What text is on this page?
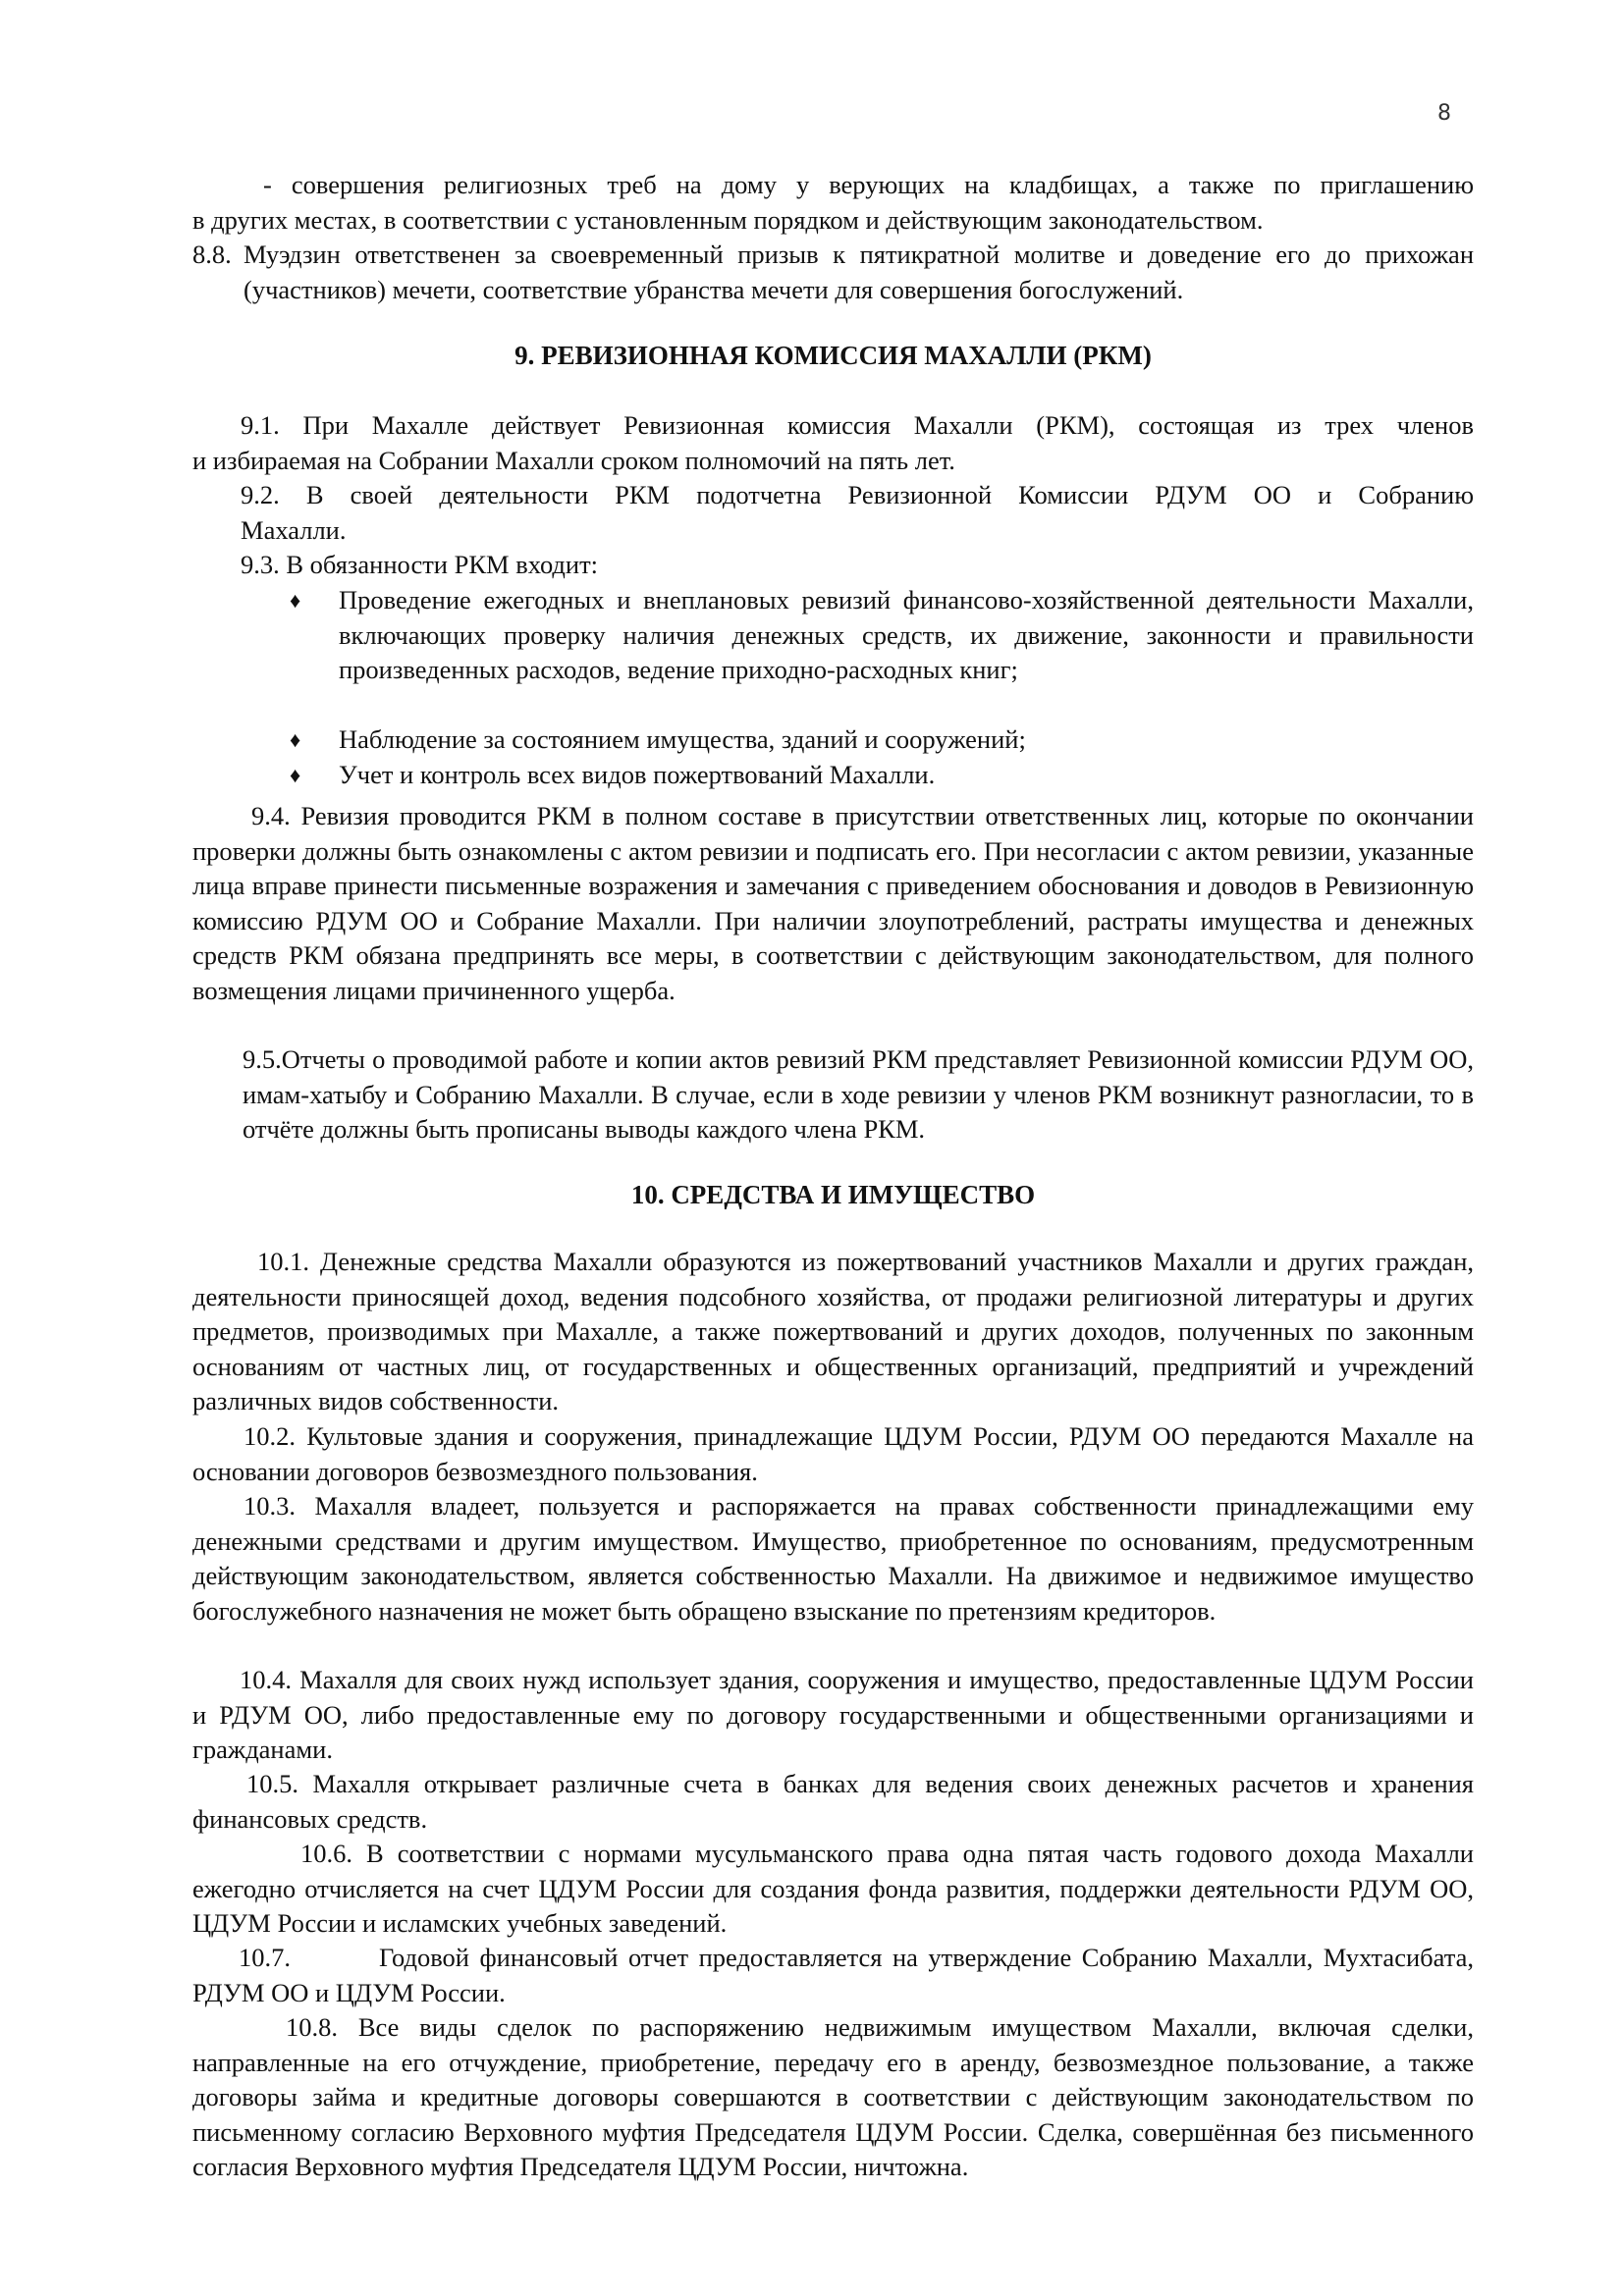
8

- совершения религиозных треб на дому у верующих на кладбищах, а также по приглашению

в других местах, в соответствии с установленным порядком и действующим законодательством.

8.8. Муэдзин ответственен за своевременный призыв к пятикратной молитве и доведение его до прихожан (участников) мечети, соответствие убранства мечети для совершения богослужений.

9. РЕВИЗИОННАЯ КОМИССИЯ МАХАЛЛИ (РКМ)

9.1. При Махалле действует Ревизионная комиссия Махалли (РКМ), состоящая из трех членов

и избираемая на Собрании Махалли сроком полномочий на пять лет.

9.2. В своей деятельности РКМ подотчетна Ревизионной Комиссии РДУМ ОО и Собранию

Махалли.

9.3. В обязанности РКМ входит:

♦ Проведение ежегодных и внеплановых ревизий финансово-хозяйственной деятельности Махалли, включающих проверку наличия денежных средств, их движение, законности и правильности произведенных расходов, ведение приходно-расходных книг;
♦ Наблюдение за состоянием имущества, зданий и сооружений;
♦ Учет и контроль всех видов пожертвований Махалли.

9.4. Ревизия проводится РКМ в полном составе в присутствии ответственных лиц, которые по окончании проверки должны быть ознакомлены с актом ревизии и подписать его. При несогласии с актом ревизии, указанные лица вправе принести письменные возражения и замечания с приведением обоснования и доводов в Ревизионную комиссию РДУМ ОО и Собрание Махалли. При наличии злоупотреблений, растраты имущества и денежных средств РКМ обязана предпринять все меры, в соответствии с действующим законодательством, для полного возмещения лицами причиненного ущерба.

9.5.Отчеты о проводимой работе и копии актов ревизий РКМ представляет Ревизионной комиссии РДУМ ОО, имам-хатыбу и Собранию Махалли. В случае, если в ходе ревизии у членов РКМ возникнут разногласии, то в отчёте должны быть прописаны выводы каждого члена РКМ.

10. СРЕДСТВА И ИМУЩЕСТВО

10.1. Денежные средства Махалли образуются из пожертвований участников Махалли и других граждан, деятельности приносящей доход, ведения подсобного хозяйства, от продажи религиозной литературы и других предметов, производимых при Махалле, а также пожертвований и других доходов, полученных по законным основаниям от частных лиц, от государственных и общественных организаций, предприятий и учреждений различных видов собственности.

10.2. Культовые здания и сооружения, принадлежащие ЦДУМ России, РДУМ ОО передаются Махалле на основании договоров безвозмездного пользования.

10.3. Махалля владеет, пользуется и распоряжается на правах собственности принадлежащими ему денежными средствами и другим имуществом. Имущество, приобретенное по основаниям, предусмотренным действующим законодательством, является собственностью Махалли. На движимое и недвижимое имущество богослужебного назначения не может быть обращено взыскание по претензиям кредиторов.

10.4. Махалля для своих нужд использует здания, сооружения и имущество, предоставленные ЦДУМ России и РДУМ ОО, либо предоставленные ему по договору государственными и общественными организациями и гражданами.

10.5. Махалля открывает различные счета в банках для ведения своих денежных расчетов и хранения финансовых средств.

10.6. В соответствии с нормами мусульманского права одна пятая часть годового дохода Махалли ежегодно отчисляется на счет ЦДУМ России для создания фонда развития, поддержки деятельности РДУМ ОО, ЦДУМ России и исламских учебных заведений.

10.7.	Годовой финансовый отчет предоставляется на утверждение Собранию Махалли, Мухтасибата, РДУМ ОО и ЦДУМ России.

10.8. Все виды сделок по распоряжению недвижимым имуществом Махалли, включая сделки, направленные на его отчуждение, приобретение, передачу его в аренду, безвозмездное пользование, а также договоры займа и кредитные договоры совершаются в соответствии с действующим законодательством по письменному согласию Верховного муфтия Председателя ЦДУМ России. Сделка, совершённая без письменного согласия Верховного муфтия Председателя ЦДУМ России, ничтожна.
